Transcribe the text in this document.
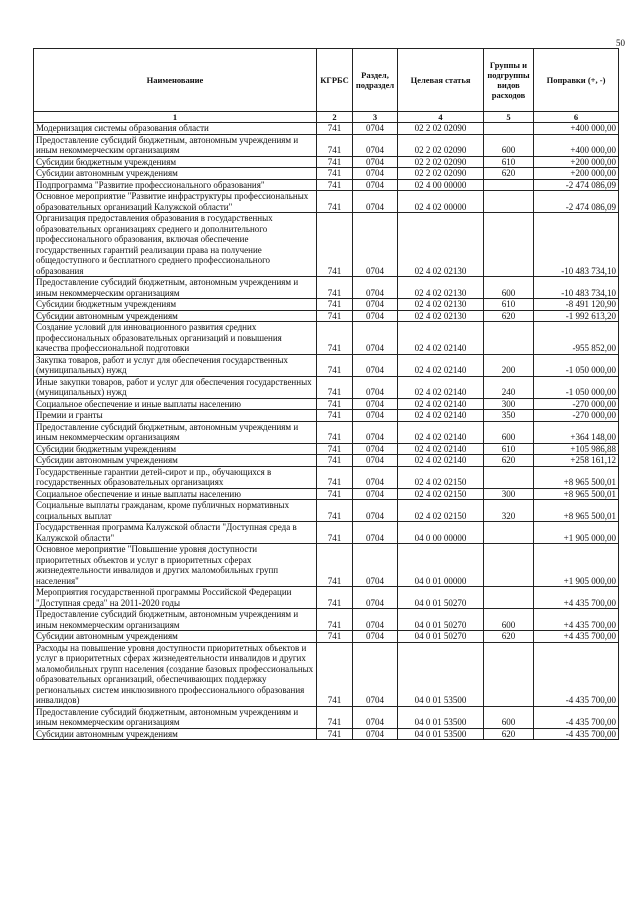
50
Наименование	КГРБС	Раздел, подраздел	Целевая статья	Группы и подгруппы видов расходов	Поправки (+, -)
1	2	3	4	5	6
Модернизация системы образования области	741	0704	02 2 02 02090		+400 000,00
Предоставление субсидий бюджетным, автономным учреждениям и иным некоммерческим организациям	741	0704	02 2 02 02090	600	+400 000,00
Субсидии бюджетным учреждениям	741	0704	02 2 02 02090	610	+200 000,00
Субсидии автономным учреждениям	741	0704	02 2 02 02090	620	+200 000,00
Подпрограмма "Развитие профессионального образования"	741	0704	02 4 00 00000		-2 474 086,09
Основное мероприятие "Развитие инфраструктуры профессиональных образовательных организаций Калужской области"	741	0704	02 4 02 00000		-2 474 086,09
Организация предоставления образования в государственных образовательных организациях среднего и дополнительного профессионального образования, включая обеспечение государственных гарантий реализации права на получение общедоступного и бесплатного среднего профессионального образования	741	0704	02 4 02 02130		-10 483 734,10
Предоставление субсидий бюджетным, автономным учреждениям и иным некоммерческим организациям	741	0704	02 4 02 02130	600	-10 483 734,10
Субсидии бюджетным учреждениям	741	0704	02 4 02 02130	610	-8 491 120,90
Субсидии автономным учреждениям	741	0704	02 4 02 02130	620	-1 992 613,20
Создание условий для инновационного развития средних профессиональных образовательных организаций и повышения качества профессиональной подготовки	741	0704	02 4 02 02140		-955 852,00
Закупка товаров, работ и услуг для обеспечения государственных (муниципальных) нужд	741	0704	02 4 02 02140	200	-1 050 000,00
Иные закупки товаров, работ и услуг для обеспечения государственных (муниципальных) нужд	741	0704	02 4 02 02140	240	-1 050 000,00
Социальное обеспечение и иные выплаты населению	741	0704	02 4 02 02140	300	-270 000,00
Премии и гранты	741	0704	02 4 02 02140	350	-270 000,00
Предоставление субсидий бюджетным, автономным учреждениям и иным некоммерческим организациям	741	0704	02 4 02 02140	600	+364 148,00
Субсидии бюджетным учреждениям	741	0704	02 4 02 02140	610	+105 986,88
Субсидии автономным учреждениям	741	0704	02 4 02 02140	620	+258 161,12
Государственные гарантии детей-сирот и пр., обучающихся в государственных образовательных организациях	741	0704	02 4 02 02150		+8 965 500,01
Социальное обеспечение и иные выплаты населению	741	0704	02 4 02 02150	300	+8 965 500,01
Социальные выплаты гражданам, кроме публичных нормативных социальных выплат	741	0704	02 4 02 02150	320	+8 965 500,01
Государственная программа Калужской области "Доступная среда в Калужской области"	741	0704	04 0 00 00000		+1 905 000,00
Основное мероприятие "Повышение уровня доступности приоритетных объектов и услуг в приоритетных сферах жизнедеятельности инвалидов и других маломобильных групп населения"	741	0704	04 0 01 00000		+1 905 000,00
Мероприятия государственной программы Российской Федерации "Доступная среда" на 2011-2020 годы	741	0704	04 0 01 50270		+4 435 700,00
Предоставление субсидий бюджетным, автономным учреждениям и иным некоммерческим организациям	741	0704	04 0 01 50270	600	+4 435 700,00
Субсидии автономным учреждениям	741	0704	04 0 01 50270	620	+4 435 700,00
Расходы на повышение уровня доступности приоритетных объектов и услуг в приоритетных сферах жизнедеятельности инвалидов и других маломобильных групп населения (создание базовых профессиональных образовательных организаций, обеспечивающих поддержку региональных систем инклюзивного профессионального образования инвалидов)	741	0704	04 0 01 53500		-4 435 700,00
Предоставление субсидий бюджетным, автономным учреждениям и иным некоммерческим организациям	741	0704	04 0 01 53500	600	-4 435 700,00
Субсидии автономным учреждениям	741	0704	04 0 01 53500	620	-4 435 700,00
